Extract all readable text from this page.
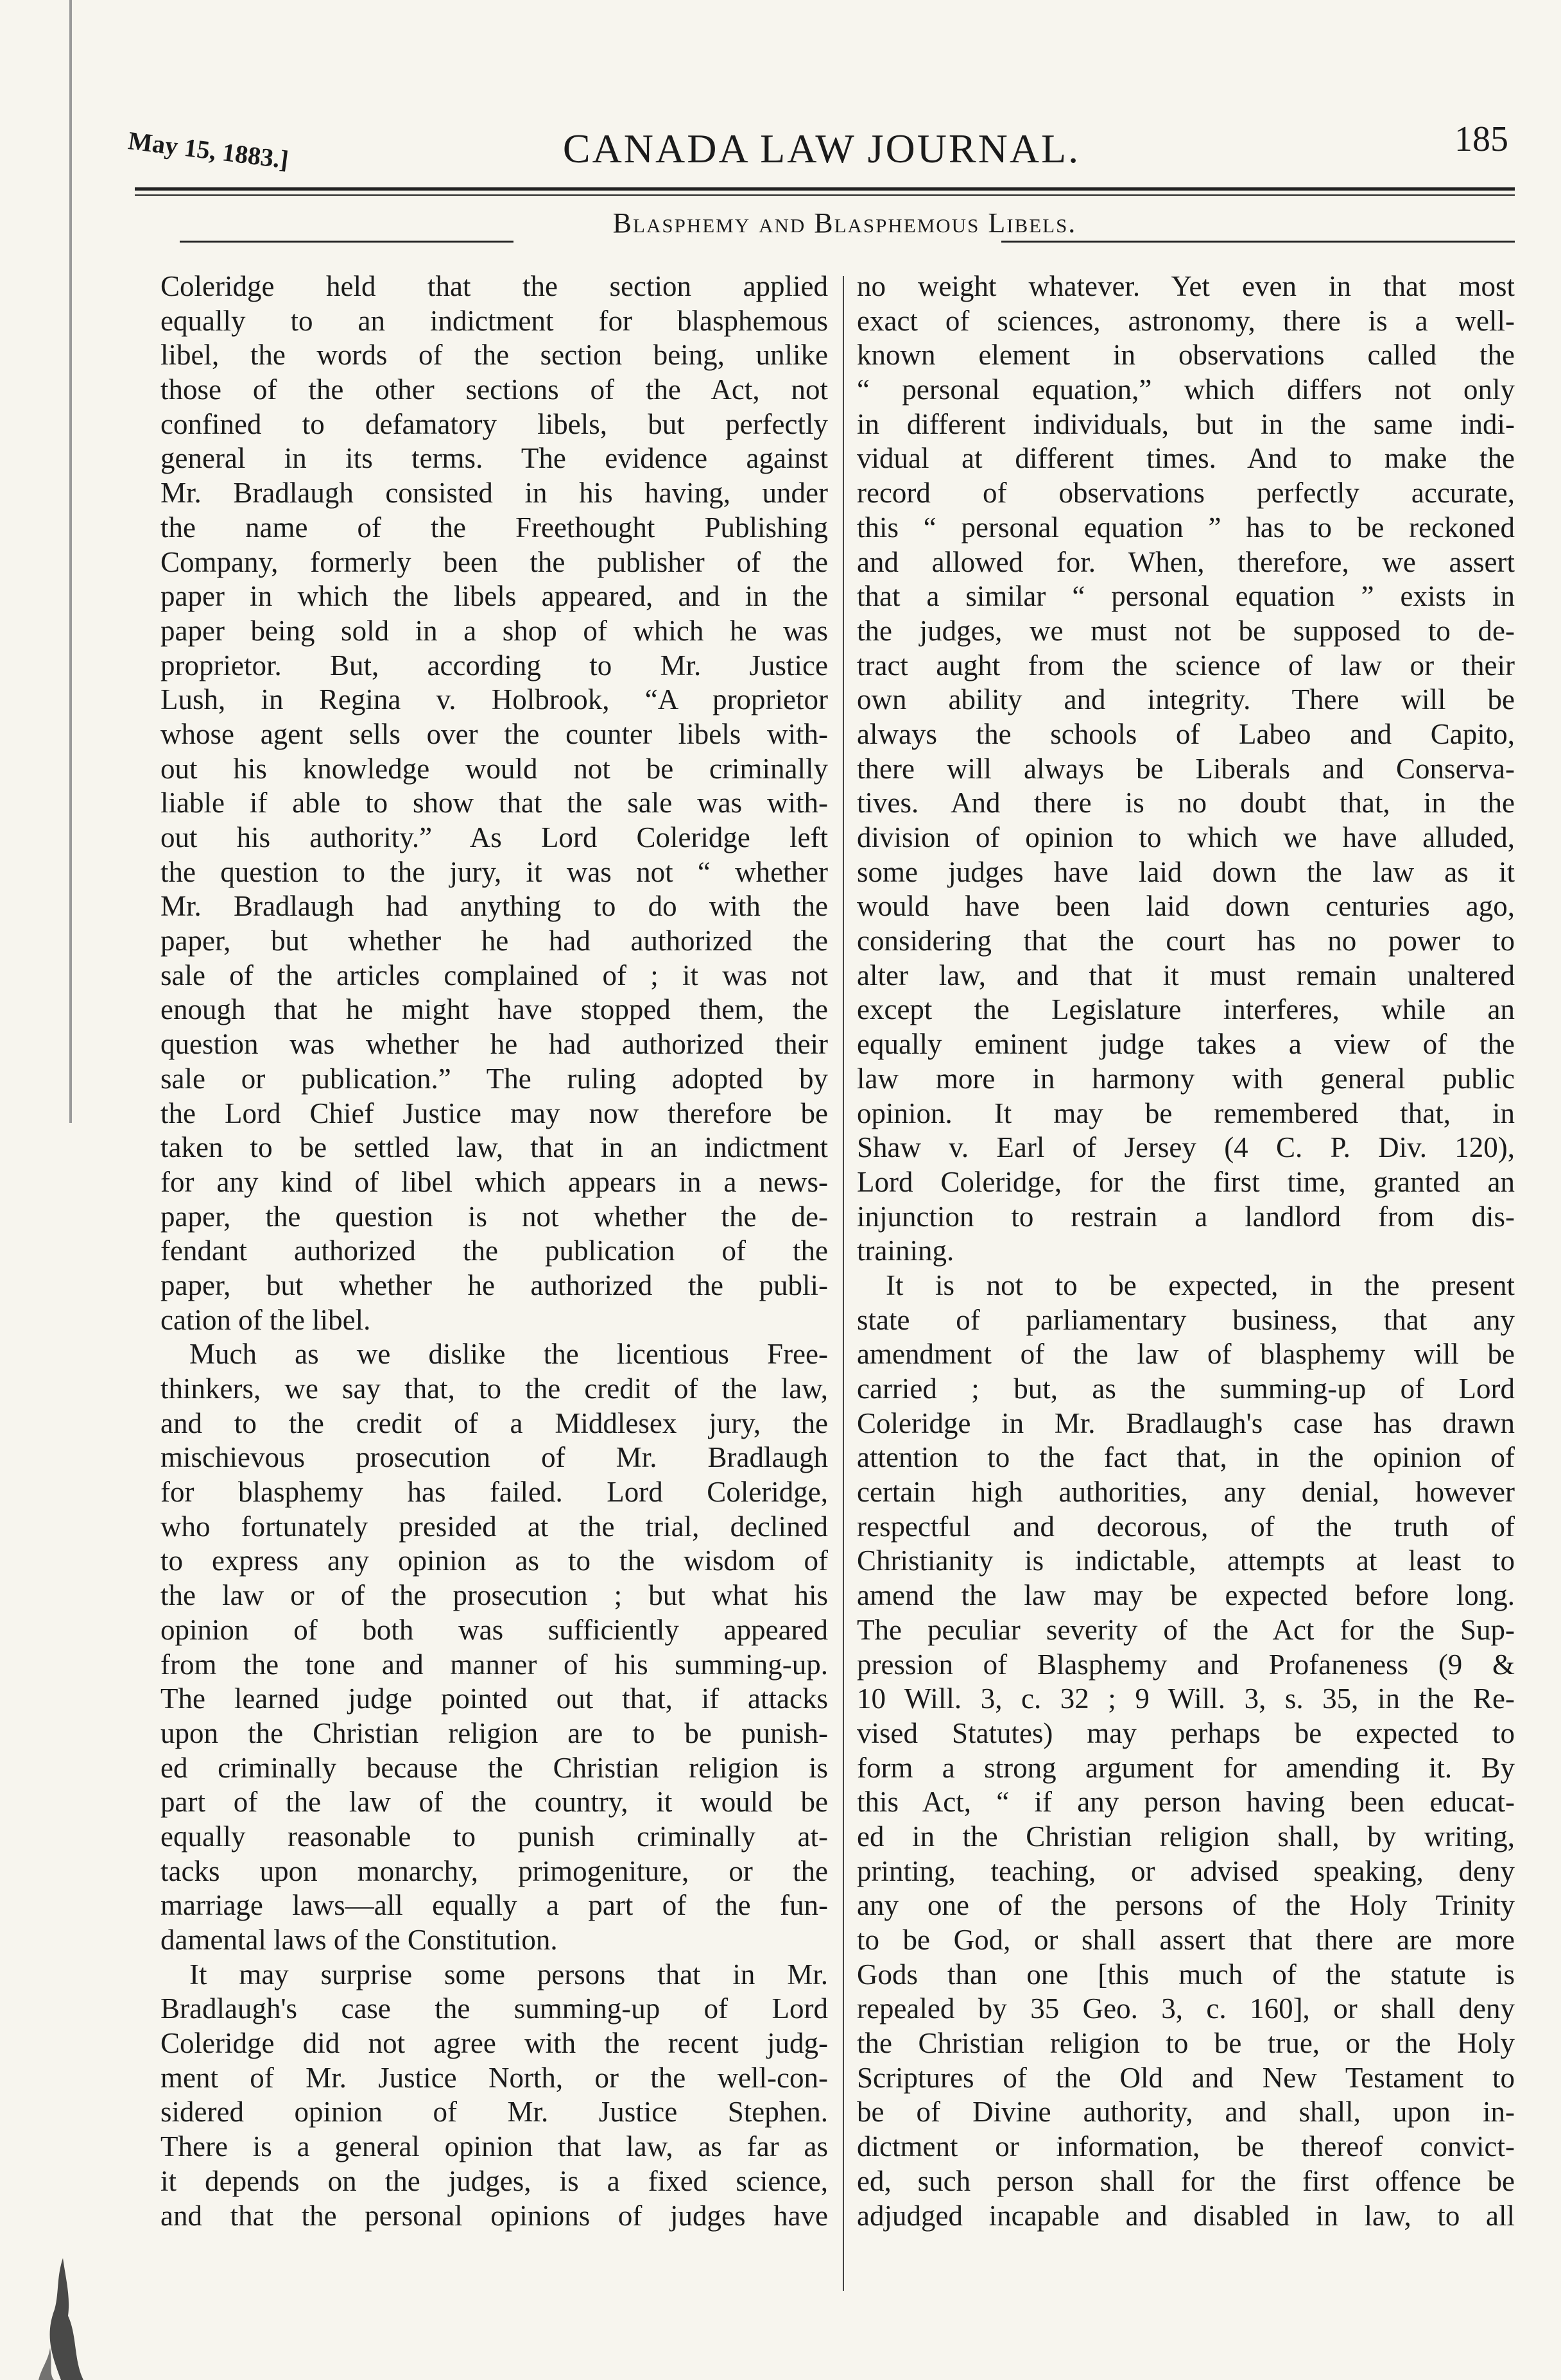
May 15, 1883.]	CANADA LAW JOURNAL.	185
Blasphemy and Blasphemous Libels.
Coleridge held that the section applied
equally to an indictment for blasphemous
libel, the words of the section being, unlike
those of the other sections of the Act, not
confined to defamatory libels, but perfectly
general in its terms. The evidence against
Mr. Bradlaugh consisted in his having, under
the name of the Freethought Publishing
Company, formerly been the publisher of the
paper in which the libels appeared, and in the
paper being sold in a shop of which he was
proprietor. But, according to Mr. Justice
Lush, in Regina v. Holbrook, “A proprietor
whose agent sells over the counter libels with-
out his knowledge would not be criminally
liable if able to show that the sale was with-
out his authority.” As Lord Coleridge left
the question to the jury, it was not “ whether
Mr. Bradlaugh had anything to do with the
paper, but whether he had authorized the
sale of the articles complained of ; it was not
enough that he might have stopped them, the
question was whether he had authorized their
sale or publication.” The ruling adopted by
the Lord Chief Justice may now therefore be
taken to be settled law, that in an indictment
for any kind of libel which appears in a news-
paper, the question is not whether the de-
fendant authorized the publication of the
paper, but whether he authorized the publi-
cation of the libel.
Much as we dislike the licentious Free-
thinkers, we say that, to the credit of the law,
and to the credit of a Middlesex jury, the
mischievous prosecution of Mr. Bradlaugh
for blasphemy has failed. Lord Coleridge,
who fortunately presided at the trial, declined
to express any opinion as to the wisdom of
the law or of the prosecution ; but what his
opinion of both was sufficiently appeared
from the tone and manner of his summing-up.
The learned judge pointed out that, if attacks
upon the Christian religion are to be punish-
ed criminally because the Christian religion is
part of the law of the country, it would be
equally reasonable to punish criminally at-
tacks upon monarchy, primogeniture, or the
marriage laws—all equally a part of the fun-
damental laws of the Constitution.
It may surprise some persons that in Mr.
Bradlaugh's case the summing-up of Lord
Coleridge did not agree with the recent judg-
ment of Mr. Justice North, or the well-con-
sidered opinion of Mr. Justice Stephen.
There is a general opinion that law, as far as
it depends on the judges, is a fixed science,
and that the personal opinions of judges have
no weight whatever. Yet even in that most
exact of sciences, astronomy, there is a well-
known element in observations called the
“ personal equation,” which differs not only
in different individuals, but in the same indi-
vidual at different times. And to make the
record of observations perfectly accurate,
this “ personal equation ” has to be reckoned
and allowed for. When, therefore, we assert
that a similar “ personal equation ” exists in
the judges, we must not be supposed to de-
tract aught from the science of law or their
own ability and integrity. There will be
always the schools of Labeo and Capito,
there will always be Liberals and Conserva-
tives. And there is no doubt that, in the
division of opinion to which we have alluded,
some judges have laid down the law as it
would have been laid down centuries ago,
considering that the court has no power to
alter law, and that it must remain unaltered
except the Legislature interferes, while an
equally eminent judge takes a view of the
law more in harmony with general public
opinion. It may be remembered that, in
Shaw v. Earl of Jersey (4 C. P. Div. 120),
Lord Coleridge, for the first time, granted an
injunction to restrain a landlord from dis-
training.
It is not to be expected, in the present
state of parliamentary business, that any
amendment of the law of blasphemy will be
carried ; but, as the summing-up of Lord
Coleridge in Mr. Bradlaugh's case has drawn
attention to the fact that, in the opinion of
certain high authorities, any denial, however
respectful and decorous, of the truth of
Christianity is indictable, attempts at least to
amend the law may be expected before long.
The peculiar severity of the Act for the Sup-
pression of Blasphemy and Profaneness (9 &
10 Will. 3, c. 32 ; 9 Will. 3, s. 35, in the Re-
vised Statutes) may perhaps be expected to
form a strong argument for amending it. By
this Act, “ if any person having been educat-
ed in the Christian religion shall, by writing,
printing, teaching, or advised speaking, deny
any one of the persons of the Holy Trinity
to be God, or shall assert that there are more
Gods than one [this much of the statute is
repealed by 35 Geo. 3, c. 160], or shall deny
the Christian religion to be true, or the Holy
Scriptures of the Old and New Testament to
be of Divine authority, and shall, upon in-
dictment or information, be thereof convict-
ed, such person shall for the first offence be
adjudged incapable and disabled in law, to all
